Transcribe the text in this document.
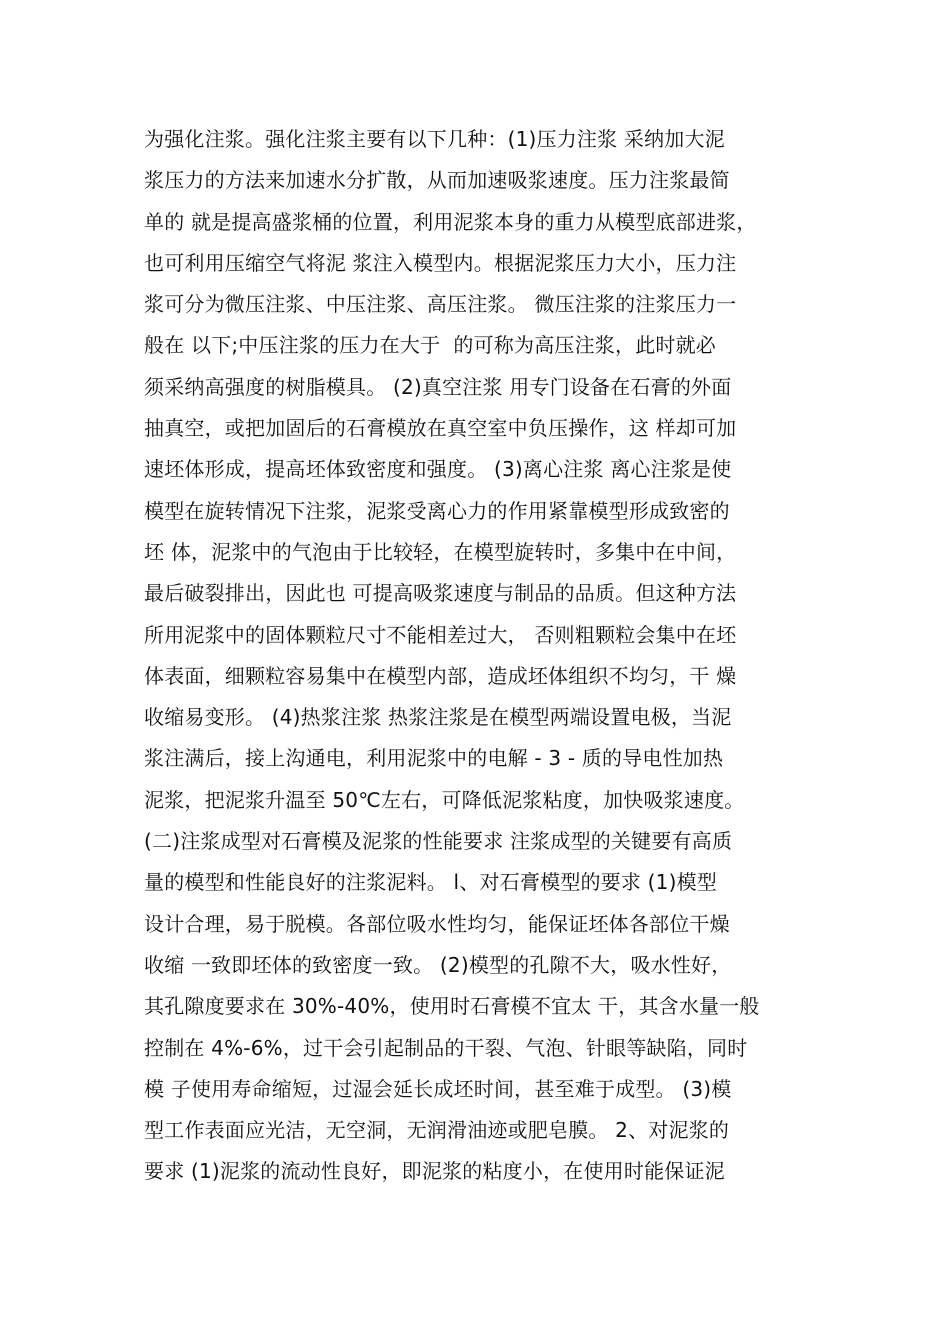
为强化注浆。强化注浆主要有以下几种：(1)压力注浆 采纳加大泥
浆压力的方法来加速水分扩散，从而加速吸浆速度。压力注浆最简
单的 就是提高盛浆桶的位置，利用泥浆本身的重力从模型底部进浆，
也可利用压缩空气将泥 浆注入模型内。根据泥浆压力大小，压力注
浆可分为微压注浆、中压注浆、高压注浆。 微压注浆的注浆压力一
般在 以下;中压注浆的压力在大于  的可称为高压注浆，此时就必
须采纳高强度的树脂模具。 (2)真空注浆 用专门设备在石膏的外面
抽真空，或把加固后的石膏模放在真空室中负压操作，这 样却可加
速坯体形成，提高坯体致密度和强度。 (3)离心注浆 离心注浆是使
模型在旋转情况下注浆，泥浆受离心力的作用紧靠模型形成致密的
坯 体，泥浆中的气泡由于比较轻，在模型旋转时，多集中在中间，
最后破裂排出，因此也 可提高吸浆速度与制品的品质。但这种方法
所用泥浆中的固体颗粒尺寸不能相差过大， 否则粗颗粒会集中在坯
体表面，细颗粒容易集中在模型内部，造成坯体组织不均匀，干 燥
收缩易变形。 (4)热浆注浆 热浆注浆是在模型两端设置电极，当泥
浆注满后，接上沟通电，利用泥浆中的电解 - 3 - 质的导电性加热
泥浆，把泥浆升温至 50℃左右，可降低泥浆粘度，加快吸浆速度。
(二)注浆成型对石膏模及泥浆的性能要求 注浆成型的关键要有高质
量的模型和性能良好的注浆泥料。 l、对石膏模型的要求 (1)模型
设计合理，易于脱模。各部位吸水性均匀，能保证坯体各部位干燥
收缩 一致即坯体的致密度一致。 (2)模型的孔隙不大，吸水性好，
其孔隙度要求在 30%-40%，使用时石膏模不宜太 干，其含水量一般
控制在 4%-6%，过干会引起制品的干裂、气泡、针眼等缺陷，同时
模 子使用寿命缩短，过湿会延长成坯时间，甚至难于成型。 (3)模
型工作表面应光洁，无空洞，无润滑油迹或肥皂膜。 2、对泥浆的
要求 (1)泥浆的流动性良好，即泥浆的粘度小，在使用时能保证泥
